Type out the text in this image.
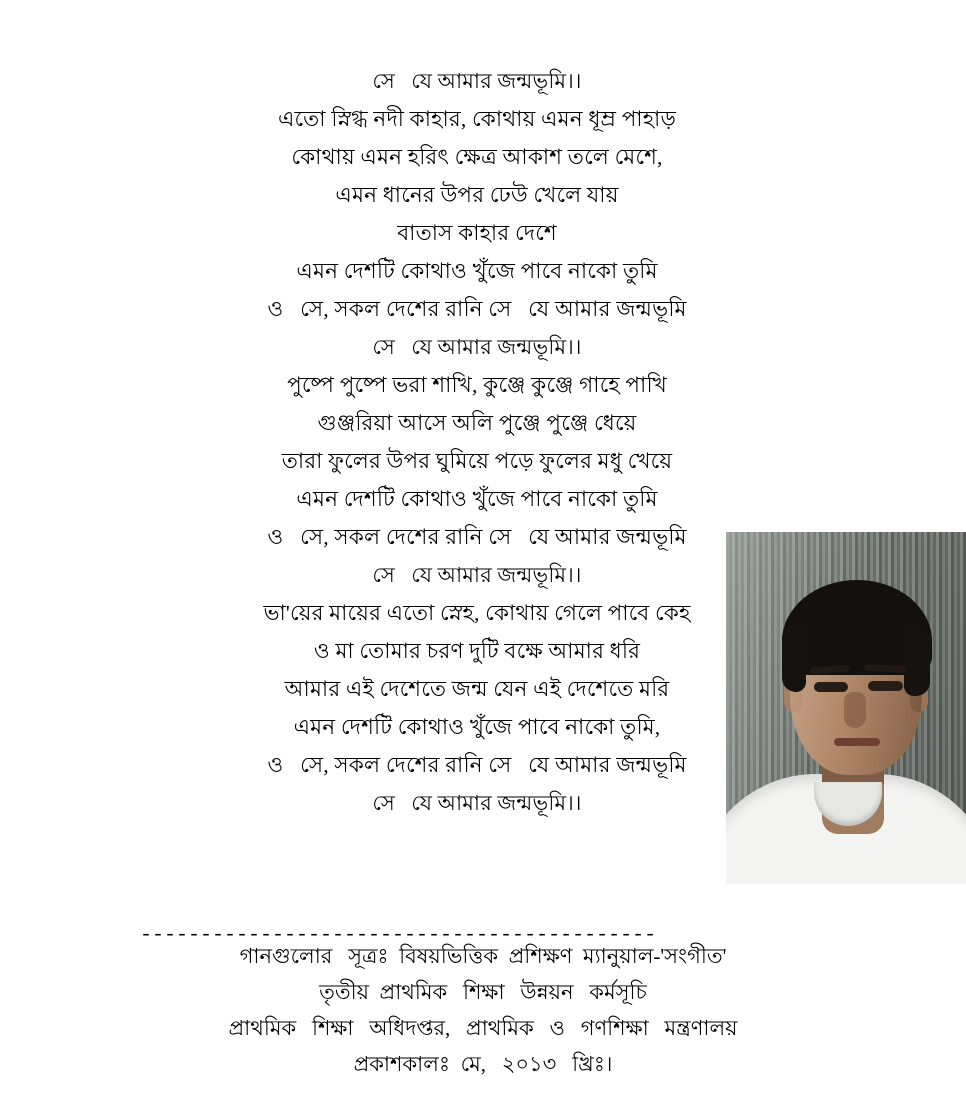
সে   যে আমার জন্মভূমি।।
এতো স্নিগ্ধ নদী কাহার, কোথায় এমন ধূম্র পাহাড়
কোথায় এমন হরিৎ ক্ষেত্র আকাশ তলে মেশে,
এমন ধানের উপর ঢেউ খেলে যায়
বাতাস কাহার দেশে
এমন দেশটি কোথাও খুঁজে পাবে নাকো তুমি
ও   সে, সকল দেশের রানি সে   যে আমার জন্মভূমি
সে   যে আমার জন্মভূমি।।
পুষ্পে পুষ্পে ভরা শাখি, কুঞ্জে কুঞ্জে গাহে পাখি
গুঞ্জরিয়া আসে অলি পুঞ্জে পুঞ্জে ধেয়ে
তারা ফুলের উপর ঘুমিয়ে পড়ে ফুলের মধু খেয়ে
এমন দেশটি কোথাও খুঁজে পাবে নাকো তুমি
ও   সে, সকল দেশের রানি সে   যে আমার জন্মভূমি
সে   যে আমার জন্মভূমি।।
ভা'য়ের মায়ের এতো স্নেহ, কোথায় গেলে পাবে কেহ
ও মা তোমার চরণ দুটি বক্ষে আমার ধরি
আমার এই দেশেতে জন্ম যেন এই দেশেতে মরি
এমন দেশটি কোথাও খুঁজে পাবে নাকো তুমি,
ও   সে, সকল দেশের রানি সে   যে আমার জন্মভূমি
সে   যে আমার জন্মভূমি।।
-------------------------------------------
গানগুলোর   সূত্রঃ  বিষয়ভিত্তিক  প্রশিক্ষণ  ম্যানুয়াল-'সংগীত'
তৃতীয়  প্রাথমিক   শিক্ষা   উন্নয়ন   কর্মসূচি
প্রাথমিক   শিক্ষা   অধিদপ্তর,   প্রাথমিক   ও   গণশিক্ষা   মন্ত্রণালয়
প্রকাশকালঃ  মে,   ২০১৩   খ্রিঃ।
